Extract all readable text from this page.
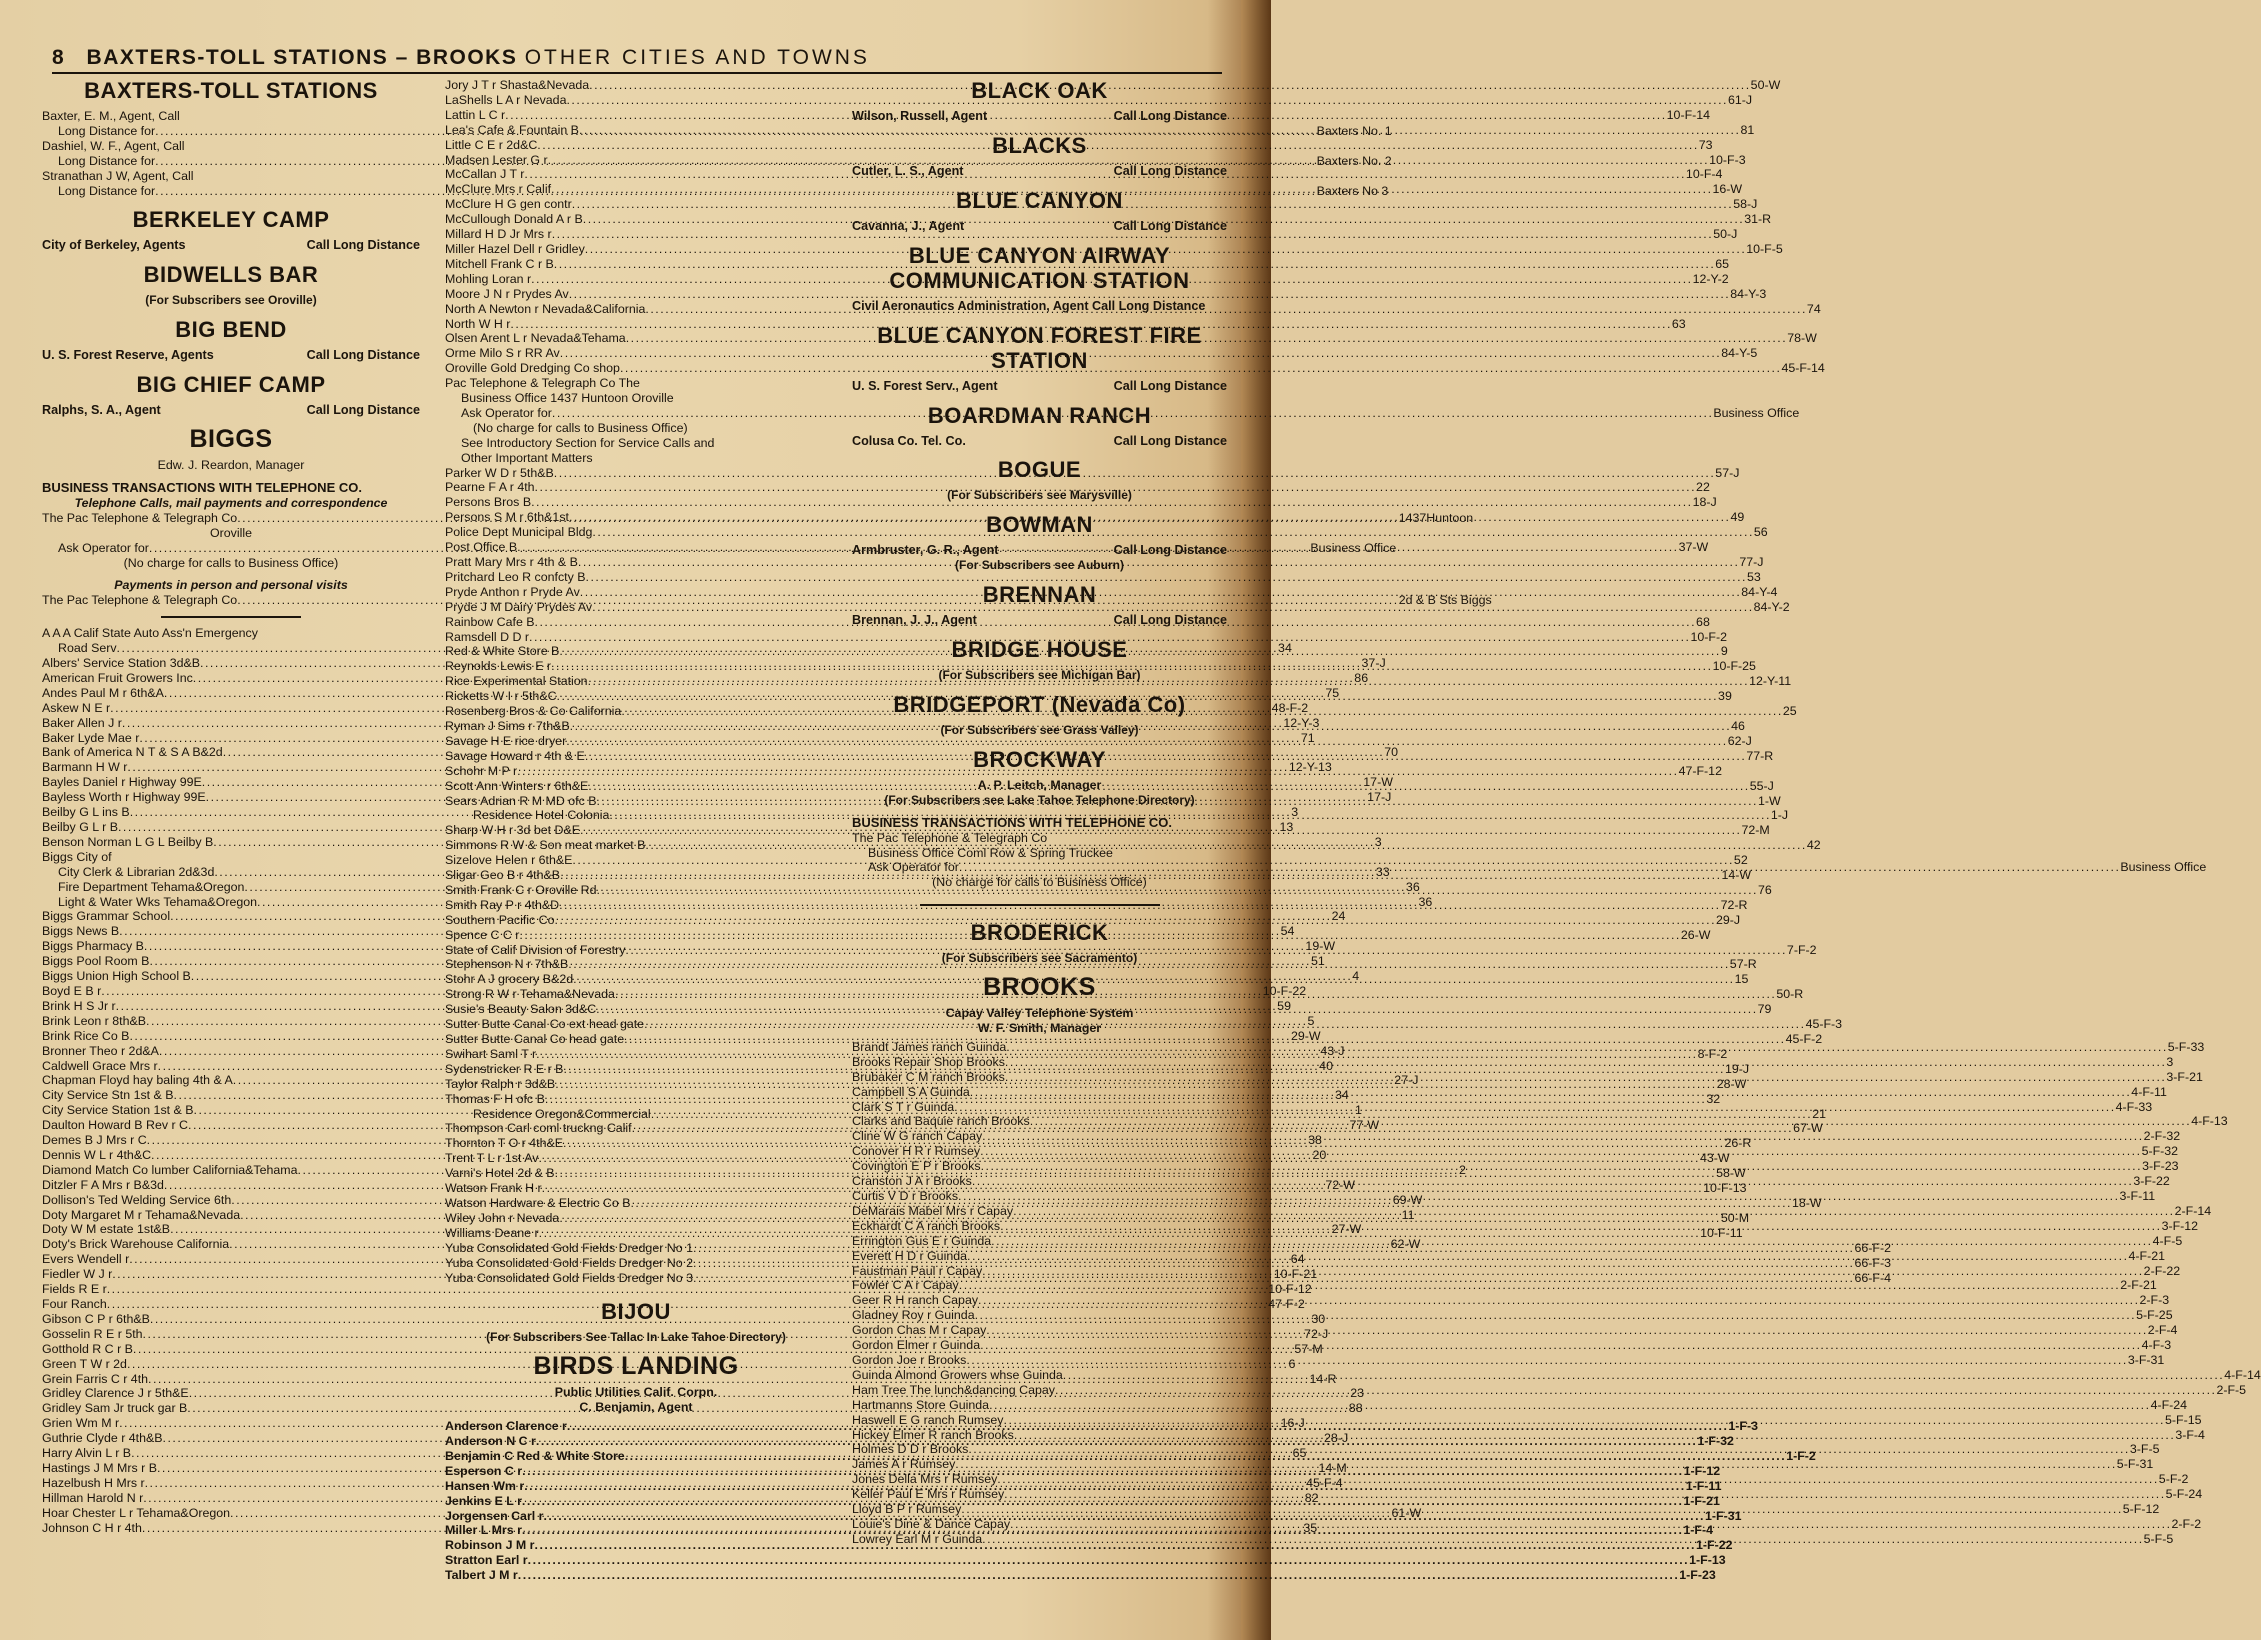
8 BAXTERS-TOLL STATIONS – BROOKS OTHER CITIES AND TOWNS
BAXTERS-TOLL STATIONS
Baxter, E. M., Agent, Call
Long Distance for .....	Baxters No. 1
Dashiel, W. F., Agent, Call
Long Distance for .....	Baxters No. 2
Stranathan J W, Agent, Call
Long Distance for .....	Baxters No 3
BERKELEY CAMP
City of Berkeley, Agents	Call Long Distance
BIDWELLS BAR
(For Subscribers see Oroville)
BIG BEND
U. S. Forest Reserve, Agents	Call Long Distance
BIG CHIEF CAMP
Ralphs, S. A., Agent	Call Long Distance
BIGGS
Edw. J. Reardon, Manager
BUSINESS TRANSACTIONS WITH TELEPHONE CO.
Telephone Calls, mail payments and correspondence
The Pac Telephone & Telegraph Co .....	1437Huntoon
Oroville
Ask Operator for .....	Business Office
(No charge for calls to Business Office)
Payments in person and personal visits
The Pac Telephone & Telegraph Co .....	2d & B Sts Biggs
A A A Calif State Auto Ass'n Emergency
Road Serv .....	34
Albers' Service Station 3d&B .....	37-J
American Fruit Growers Inc .....	86
Andes Paul M r 6th&A .....	75
Askew N E r .....	48-F-2
Baker Allen J r .....	12-Y-3
Baker Lyde Mae r .....	71
Bank of America N T & S A B&2d .....	70
Barmann H W r .....	12-Y-13
Bayles Daniel r Highway 99E .....	17-W
Bayless Worth r Highway 99E .....	17-J
Beilby G L ins B .....	3
Beilby G L r B .....	13
Benson Norman L G L Beilby B .....	3
Biggs City of
City Clerk & Librarian 2d&3d .....	33
Fire Department Tehama&Oregon .....	36
Light & Water Wks Tehama&Oregon .....	36
Biggs Grammar School .....	24
Biggs News B .....	54
Biggs Pharmacy B .....	19-W
Biggs Pool Room B .....	51
Biggs Union High School B .....	4
Boyd E B r .....	10-F-22
Brink H S Jr r .....	59
Brink Leon r 8th&B .....	5
Brink Rice Co B .....	29-W
Bronner Theo r 2d&A .....	43-J
Caldwell Grace Mrs r .....	40
Chapman Floyd hay baling 4th & A .....	27-J
City Service Stn 1st & B .....	34
City Service Station 1st & B .....	1
Daulton Howard B Rev r C .....	77-W
Demes B J Mrs r C .....	38
Dennis W L r 4th&C .....	20
Diamond Match Co lumber California&Tehama .....	2
Ditzler F A Mrs r B&3d .....	72-W
Dollison's Ted Welding Service 6th .....	69-W
Doty Margaret M r Tehama&Nevada .....	11
Doty W M estate 1st&B .....	27-W
Doty's Brick Warehouse California .....	62-W
Evers Wendell r .....	64
Fiedler W J r .....	10-F-21
Fields R E r .....	10-F-12
Four Ranch .....	47-F-2
Gibson C P r 6th&B .....	30
Gosselin R E r 5th .....	72-J
Gotthold R C r B .....	57-M
Green T W r 2d .....	6
Grein Farris C r 4th .....	14-R
Gridley Clarence J r 5th&E .....	23
Gridley Sam Jr truck gar B .....	88
Grien Wm M r .....	16-J
Guthrie Clyde r 4th&B .....	28-J
Harry Alvin L r B .....	65
Hastings J M Mrs r B .....	14-M
Hazelbush H Mrs r .....	45-F-4
Hillman Harold N r .....	82
Hoar Chester L r Tehama&Oregon .....	61-W
Johnson C H r 4th .....	35
Jory J T r Shasta&Nevada .....	50-W
LaShells L A r Nevada .....	61-J
Lattin L C r .....	10-F-14
Lea's Cafe & Fountain B .....	81
Little C E r 2d&C .....	73
Madsen Lester G r .....	10-F-3
McCallan J T r .....	10-F-4
McClure Mrs r Calif .....	16-W
McClure H G gen contr .....	58-J
McCullough Donald A r B .....	31-R
Millard H D Jr Mrs r .....	50-J
Miller Hazel Dell r Gridley .....	10-F-5
Mitchell Frank C r B .....	65
Mohling Loran r .....	12-Y-2
Moore J N r Prydes Av .....	84-Y-3
North A Newton r Nevada&California .....	74
North W H r .....	63
Olsen Arent L r Nevada&Tehama .....	78-W
Orme Milo S r RR Av .....	84-Y-5
Oroville Gold Dredging Co shop .....	45-F-14
Pac Telephone & Telegraph Co The
Business Office 1437 Huntoon Oroville
Ask Operator for .....	Business Office
(No charge for calls to Business Office)
See Introductory Section for Service Calls and
Other Important Matters
Parker W D r 5th&B .....	57-J
Pearne F A r 4th .....	22
Persons Bros B .....	18-J
Persons S M r 6th&1st .....	49
Police Dept Municipal Bldg .....	56
Post Office B .....	37-W
Pratt Mary Mrs r 4th & B .....	77-J
Pritchard Leo R confcty B .....	53
Pryde Anthon r Pryde Av .....	84-Y-4
Pryde J M Dairy Prydes Av .....	84-Y-2
Rainbow Cafe B .....	68
Ramsdell D D r .....	10-F-2
Red & White Store B .....	9
Reynolds Lewis E r .....	10-F-25
Rice Experimental Station .....	12-Y-11
Ricketts W I r 5th&C .....	39
Rosenberg Bros & Co California .....	25
Ryman J Sims r 7th&B .....	46
Savage H E rice dryer .....	62-J
Savage Howard r 4th & E .....	77-R
Schohr M P r .....	47-F-12
Scott Ann Winters r 6th&E .....	55-J
Sears Adrian R M MD ofc B .....	1-W
Residence Hotel Colonia .....	1-J
Sharp W H r 3d bet D&E .....	72-M
Simmons R W & Son meat market B .....	42
Sizelove Helen r 6th&E .....	52
Sligar Geo B r 4th&B .....	14-W
Smith Frank C r Oroville Rd .....	76
Smith Ray P r 4th&D .....	72-R
Southern Pacific Co .....	29-J
Spence C C r .....	26-W
State of Calif Division of Forestry .....	7-F-2
Stephenson N r 7th&B .....	57-R
Stohr A J grocery B&2d .....	15
Strong R W r Tehama&Nevada .....	50-R
Susie's Beauty Salon 3d&C .....	79
Sutter Butte Canal Co ext head gate .....	45-F-3
Sutter Butte Canal Co head gate .....	45-F-2
Swihart Saml T r .....	8-F-2
Sydenstricker R E r B .....	19-J
Taylor Ralph r 3d&B .....	28-W
Thomas F H ofc B .....	32
Residence Oregon&Commercial .....	21
Thompson Carl coml truckng Calif .....	67-W
Thornton T O r 4th&E .....	26-R
Trent T L r 1st Av .....	43-W
Varni's Hotel 2d & B .....	58-W
Watson Frank H r .....	10-F-13
Watson Hardware & Electric Co B .....	18-W
Wiley John r Nevada .....	50-M
Williams Deane r .....	10-F-11
Yuba Consolidated Gold Fields Dredger No 1 .....	66-F-2
Yuba Consolidated Gold Fields Dredger No 2 .....	66-F-3
Yuba Consolidated Gold Fields Dredger No 3 .....	66-F-4
BIJOU
(For Subscribers See Tallac In Lake Tahoe Directory)
BIRDS LANDING
Public Utilities Calif. Corpn.
C. Benjamin, Agent
Anderson Clarence r .....	1-F-3
Anderson N C r .....	1-F-32
Benjamin C Red & White Store .....	1-F-2
Esperson C r .....	1-F-12
Hansen Wm r .....	1-F-11
Jenkins E L r .....	1-F-21
Jorgensen Carl r .....	1-F-31
Miller L Mrs r .....	1-F-4
Robinson J M r .....	1-F-22
Stratton Earl r .....	1-F-13
Talbert J M r .....	1-F-23
BLACK OAK
Wilson, Russell, Agent	Call Long Distance
BLACKS
Cutler, L. S., Agent	Call Long Distance
BLUE CANYON
Cavanna, J., Agent	Call Long Distance
BLUE CANYON AIRWAY
COMMUNICATION STATION
Civil Aeronautics Administration, Agent Call Long Distance
BLUE CANYON FOREST FIRE
STATION
U. S. Forest Serv., Agent	Call Long Distance
BOARDMAN RANCH
Colusa Co. Tel. Co.	Call Long Distance
BOGUE
(For Subscribers see Marysville)
BOWMAN
Armbruster, G. R., Agent	Call Long Distance
(For Subscribers see Auburn)
BRENNAN
Brennan, J. J., Agent	Call Long Distance
BRIDGE HOUSE
(For Subscribers see Michigan Bar)
BRIDGEPORT (Nevada Co)
(For Subscribers see Grass Valley)
BROCKWAY
A. P. Leitch, Manager
(For Subscribers see Lake Tahoe Telephone Directory)
BUSINESS TRANSACTIONS WITH TELEPHONE CO.
The Pac Telephone & Telegraph Co
Business Office Coml Row & Spring Truckee
Ask Operator for .....	Business Office
(No charge for calls to Business Office)
BRODERICK
(For Subscribers see Sacramento)
BROOKS
Capay Valley Telephone System
W. F. Smith, Manager
Brandt James ranch Guinda .....	5-F-33
Brooks Repair Shop Brooks .....	3
Brubaker C M ranch Brooks .....	3-F-21
Campbell S A Guinda .....	4-F-11
Clark S T r Guinda .....	4-F-33
Clarks and Baquie ranch Brooks .....	4-F-13
Cline W G ranch Capay .....	2-F-32
Conover H R r Rumsey .....	5-F-32
Covington E P r Brooks .....	3-F-23
Cranston J A r Brooks .....	3-F-22
Curtis V D r Brooks .....	3-F-11
DeMarais Mabel Mrs r Capay .....	2-F-14
Eckhardt C A ranch Brooks .....	3-F-12
Errington Gus E r Guinda .....	4-F-5
Everett H D r Guinda .....	4-F-21
Faustman Paul r Capay .....	2-F-22
Fowler C A r Capay .....	2-F-21
Geer R H ranch Capay .....	2-F-3
Gladney Roy r Guinda .....	5-F-25
Gordon Chas M r Capay .....	2-F-4
Gordon Elmer r Guinda .....	4-F-3
Gordon Joe r Brooks .....	3-F-31
Guinda Almond Growers whse Guinda .....	4-F-14
Ham Tree The lunch&dancing Capay .....	2-F-5
Hartmanns Store Guinda .....	4-F-24
Haswell E G ranch Rumsey .....	5-F-15
Hickey Elmer R ranch Brooks .....	3-F-4
Holmes D D r Brooks .....	3-F-5
James A r Rumsey .....	5-F-31
Jones Della Mrs r Rumsey .....	5-F-2
Keller Paul E Mrs r Rumsey .....	5-F-24
Lloyd B P r Rumsey .....	5-F-12
Louie's Dine & Dance Capay .....	2-F-2
Lowrey Earl M r Guinda .....	5-F-5
